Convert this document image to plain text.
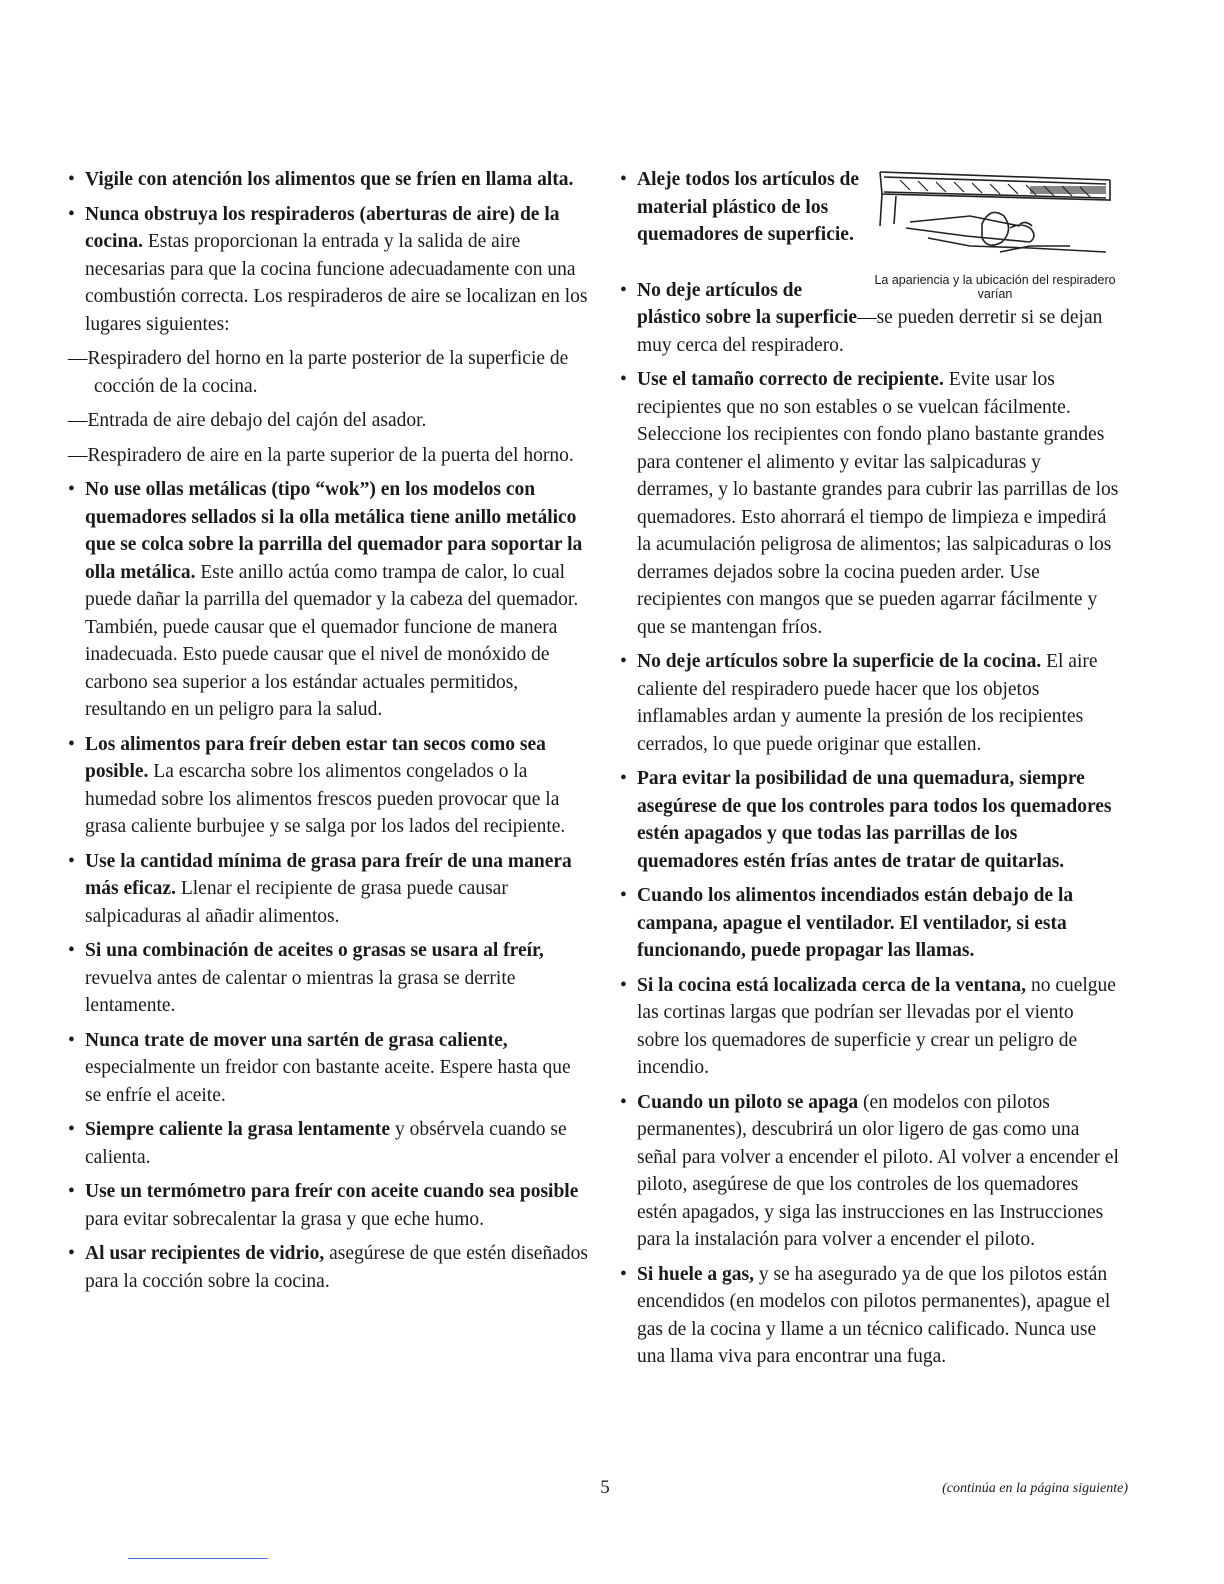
• Vigile con atención los alimentos que se fríen en llama alta.
• Nunca obstruya los respiraderos (aberturas de aire) de la cocina. Estas proporcionan la entrada y la salida de aire necesarias para que la cocina funcione adecuadamente con una combustión correcta. Los respiraderos de aire se localizan en los lugares siguientes:
—Respiradero del horno en la parte posterior de la superficie de cocción de la cocina.
—Entrada de aire debajo del cajón del asador.
—Respiradero de aire en la parte superior de la puerta del horno.
• No use ollas metálicas (tipo “wok”) en los modelos con quemadores sellados si la olla metálica tiene anillo metálico que se colca sobre la parrilla del quemador para soportar la olla metálica. Este anillo actúa como trampa de calor, lo cual puede dañar la parrilla del quemador y la cabeza del quemador. También, puede causar que el quemador funcione de manera inadecuada. Esto puede causar que el nivel de monóxido de carbono sea superior a los estándar actuales permitidos, resultando en un peligro para la salud.
• Los alimentos para freír deben estar tan secos como sea posible. La escarcha sobre los alimentos congelados o la humedad sobre los alimentos frescos pueden provocar que la grasa caliente burbujee y se salga por los lados del recipiente.
• Use la cantidad mínima de grasa para freír de una manera más eficaz. Llenar el recipiente de grasa puede causar salpicaduras al añadir alimentos.
• Si una combinación de aceites o grasas se usara al freír, revuelva antes de calentar o mientras la grasa se derrite lentamente.
• Nunca trate de mover una sartén de grasa caliente, especialmente un freidor con bastante aceite. Espere hasta que se enfríe el aceite.
• Siempre caliente la grasa lentamente y obsérvela cuando se calienta.
• Use un termómetro para freír con aceite cuando sea posible para evitar sobrecalentar la grasa y que eche humo.
• Al usar recipientes de vidrio, asegúrese de que estén diseñados para la cocción sobre la cocina.
• Aleje todos los artículos de material plástico de los quemadores de superficie.
La apariencia y la ubicación del respiradero varían
• No deje artículos de
plástico sobre la superficie—se pueden derretir si se dejan muy cerca del respiradero.
• Use el tamaño correcto de recipiente. Evite usar los recipientes que no son estables o se vuelcan fácilmente. Seleccione los recipientes con fondo plano bastante grandes para contener el alimento y evitar las salpicaduras y derrames, y lo bastante grandes para cubrir las parrillas de los quemadores. Esto ahorrará el tiempo de limpieza e impedirá la acumulación peligrosa de alimentos; las salpicaduras o los derrames dejados sobre la cocina pueden arder. Use recipientes con mangos que se pueden agarrar fácilmente y que se mantengan fríos.
• No deje artículos sobre la superficie de la cocina. El aire caliente del respiradero puede hacer que los objetos inflamables ardan y aumente la presión de los recipientes cerrados, lo que puede originar que estallen.
• Para evitar la posibilidad de una quemadura, siempre asegúrese de que los controles para todos los quemadores estén apagados y que todas las parrillas de los quemadores estén frías antes de tratar de quitarlas.
• Cuando los alimentos incendiados están debajo de la campana, apague el ventilador. El ventilador, si esta funcionando, puede propagar las llamas.
• Si la cocina está localizada cerca de la ventana, no cuelgue las cortinas largas que podrían ser llevadas por el viento sobre los quemadores de superficie y crear un peligro de incendio.
• Cuando un piloto se apaga (en modelos con pilotos permanentes), descubrirá un olor ligero de gas como una señal para volver a encender el piloto. Al volver a encender el piloto, asegúrese de que los controles de los quemadores estén apagados, y siga las instrucciones en las Instrucciones para la instalación para volver a encender el piloto.
• Si huele a gas, y se ha asegurado ya de que los pilotos están encendidos (en modelos con pilotos permanentes), apague el gas de la cocina y llame a un técnico calificado. Nunca use una llama viva para encontrar una fuga.
5	(continúa en la página siguiente)
